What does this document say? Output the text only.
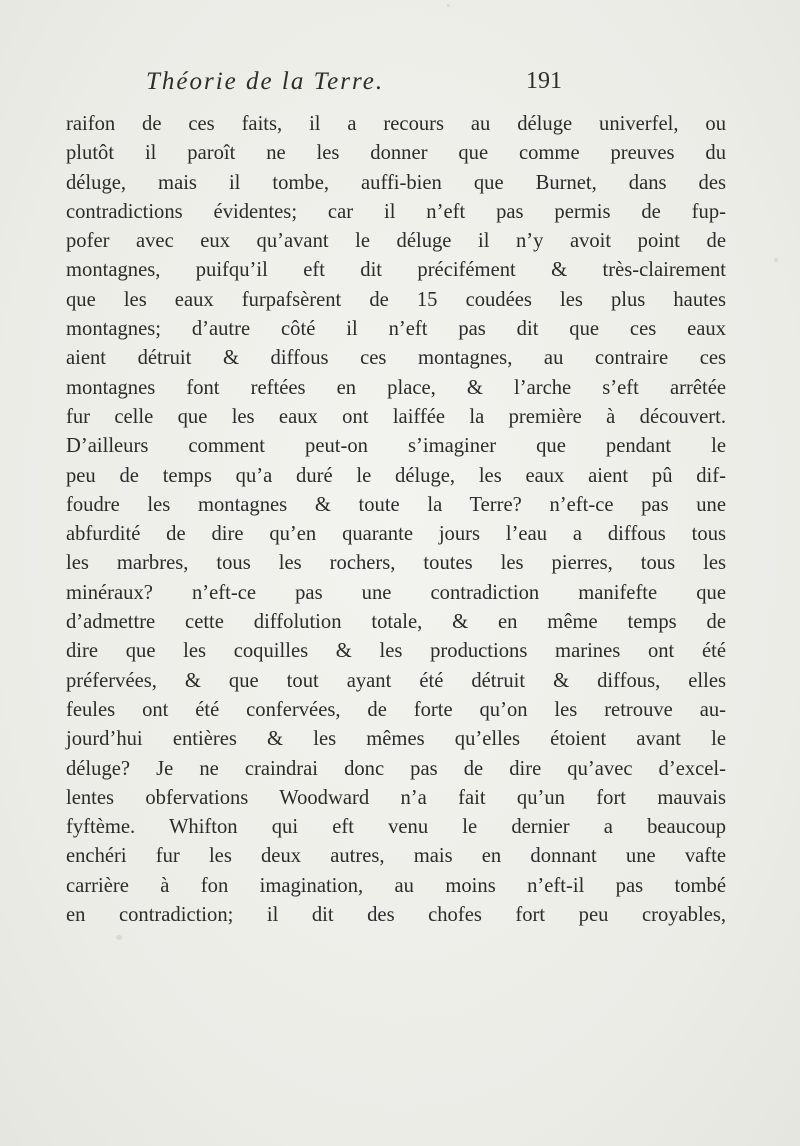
Théorie de la Terre.	191
raifon de ces faits, il a recours au déluge univerfel, ou
plutôt il paroît ne les donner que comme preuves du
déluge, mais il tombe, auffi-bien que Burnet, dans des
contradictions évidentes; car il n’eft pas permis de fup-
pofer avec eux qu’avant le déluge il n’y avoit point de
montagnes, puifqu’il eft dit précifément & très-clairement
que les eaux furpafsèrent de 15 coudées les plus hautes
montagnes; d’autre côté il n’eft pas dit que ces eaux
aient détruit & diffous ces montagnes, au contraire ces
montagnes font reftées en place, & l’arche s’eft arrêtée
fur celle que les eaux ont laiffée la première à découvert.
D’ailleurs comment peut-on s’imaginer que pendant le
peu de temps qu’a duré le déluge, les eaux aient pû dif-
foudre les montagnes & toute la Terre? n’eft-ce pas une
abfurdité de dire qu’en quarante jours l’eau a diffous tous
les marbres, tous les rochers, toutes les pierres, tous les
minéraux? n’eft-ce pas une contradiction manifefte que
d’admettre cette diffolution totale, & en même temps de
dire que les coquilles & les productions marines ont été
préfervées, & que tout ayant été détruit & diffous, elles
feules ont été confervées, de forte qu’on les retrouve au-
jourd’hui entières & les mêmes qu’elles étoient avant le
déluge? Je ne craindrai donc pas de dire qu’avec d’excel-
lentes obfervations Woodward n’a fait qu’un fort mauvais
fyftème. Whifton qui eft venu le dernier a beaucoup
enchéri fur les deux autres, mais en donnant une vafte
carrière à fon imagination, au moins n’eft-il pas tombé
en contradiction; il dit des chofes fort peu croyables,
